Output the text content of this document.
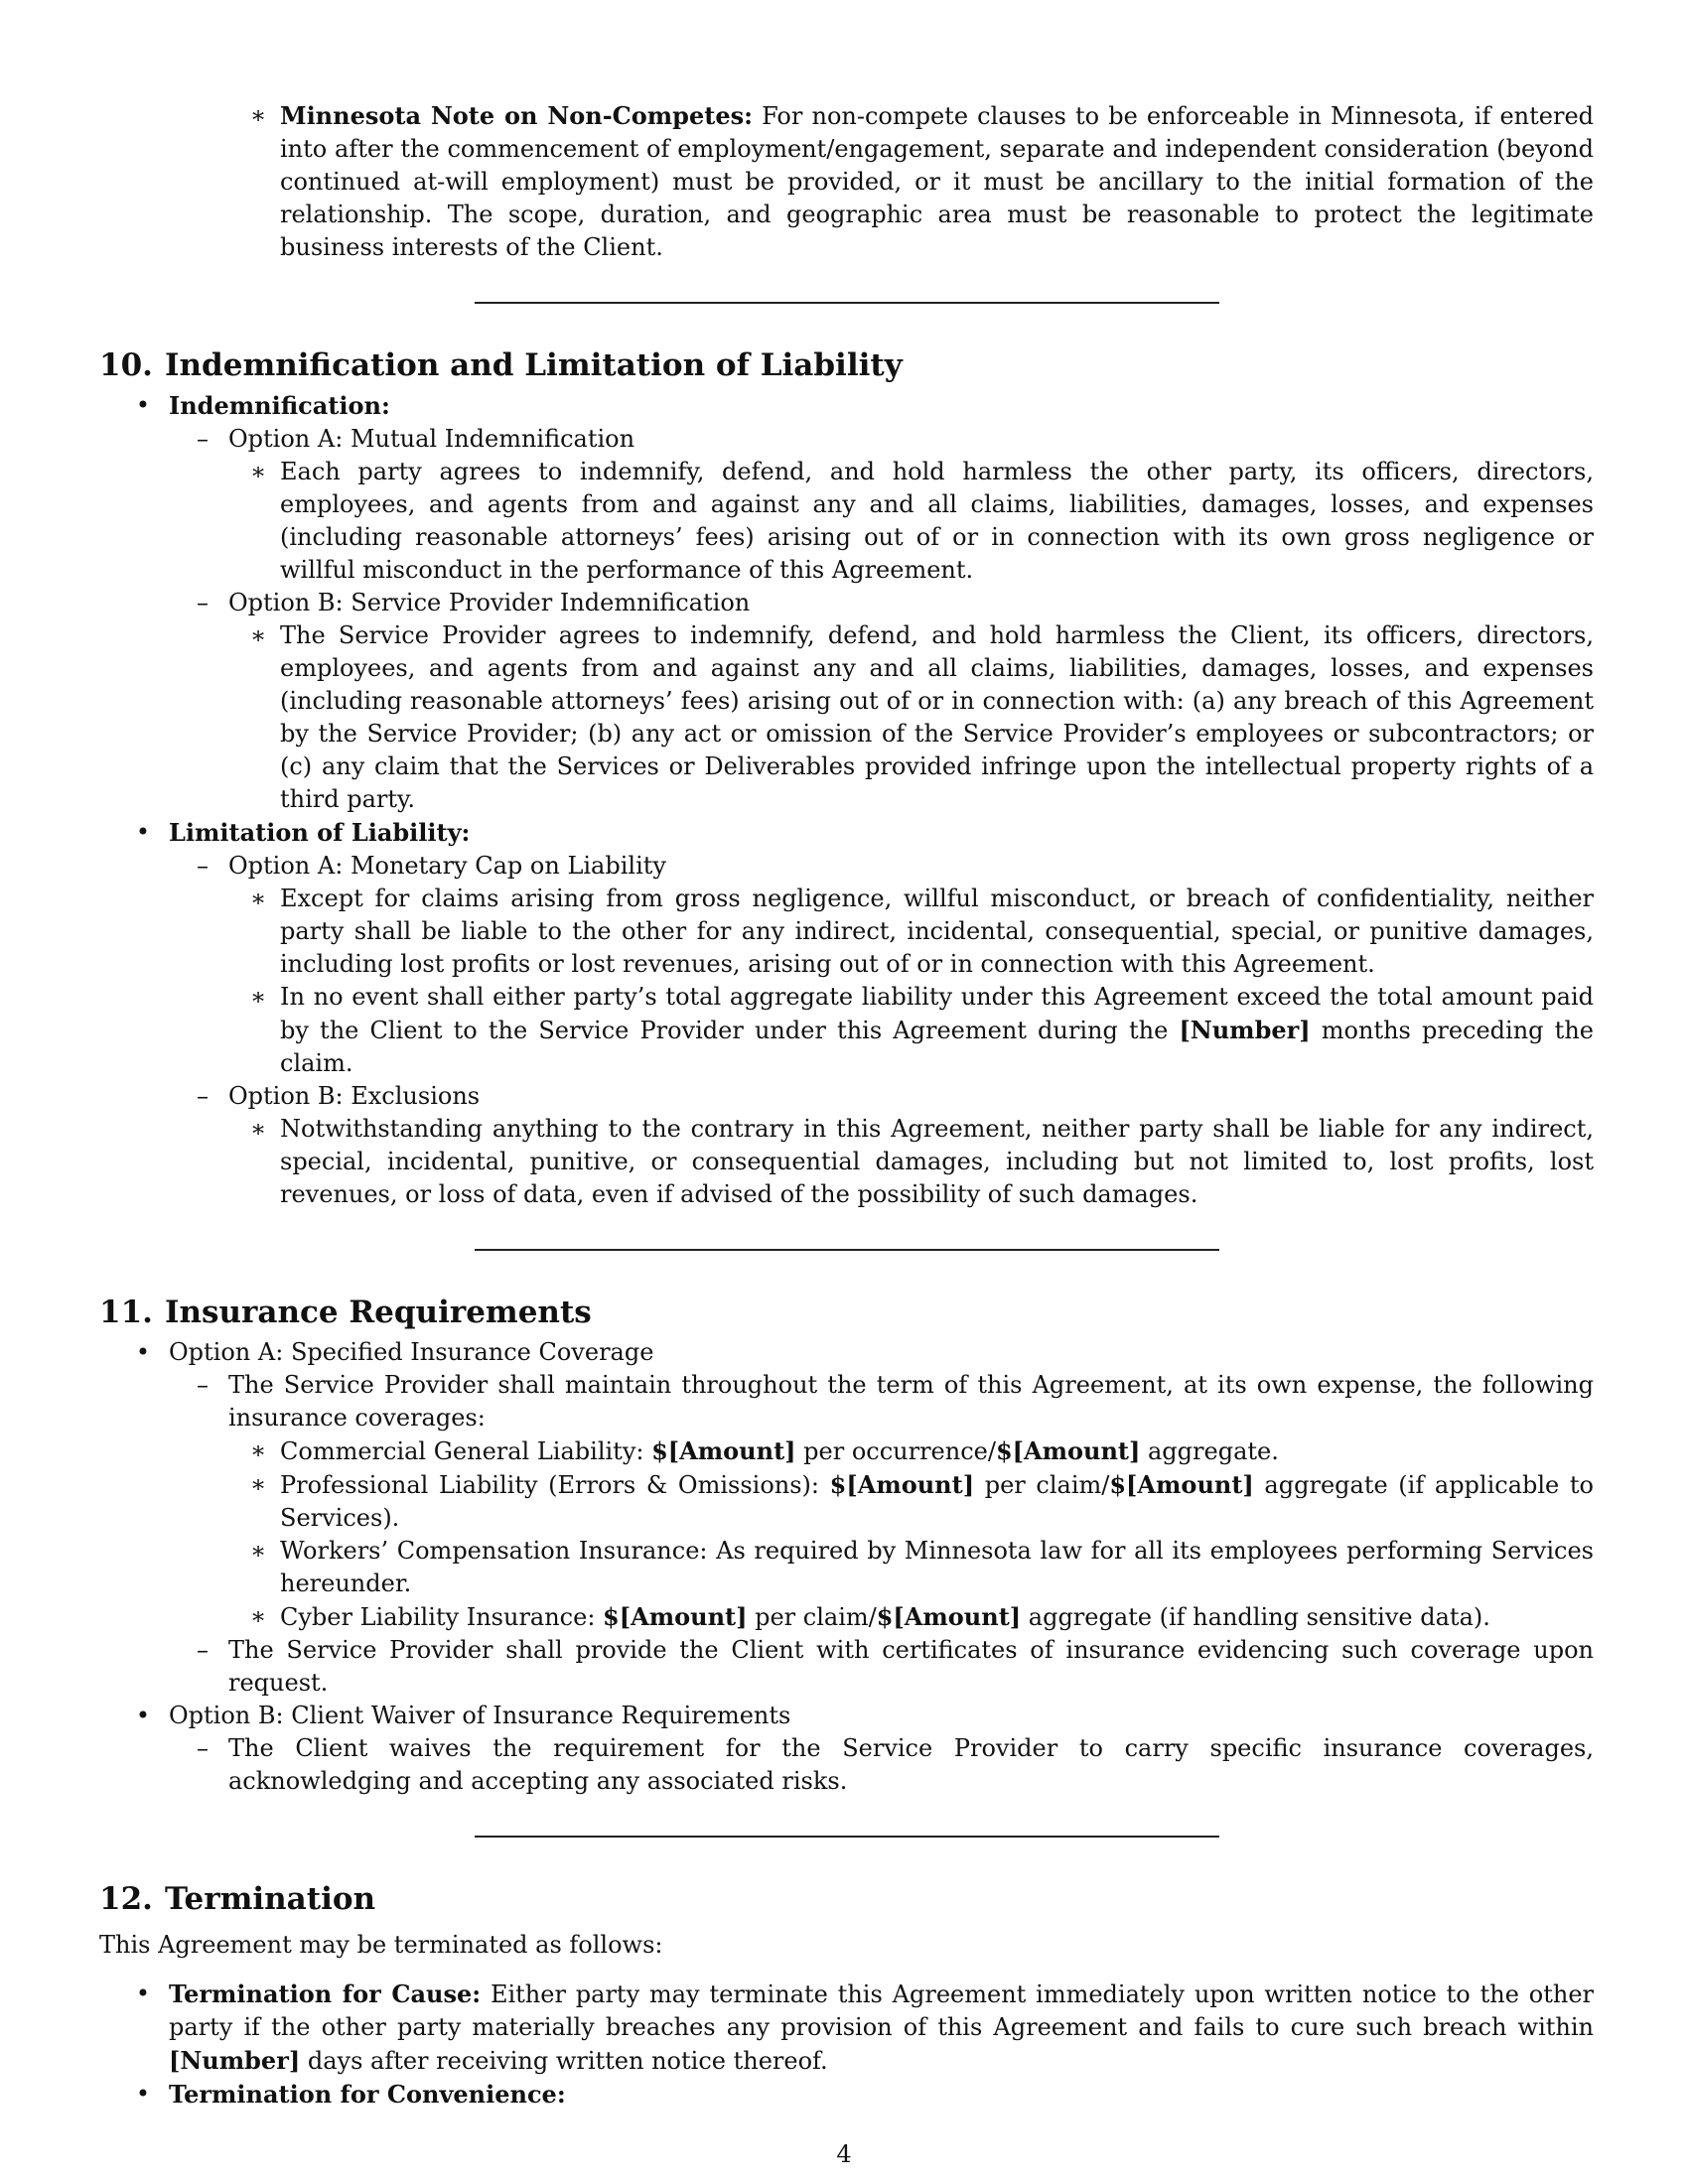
∗ Minnesota Note on Non-Competes: For non-compete clauses to be enforceable in Minnesota, if entered into after the commencement of employment/engagement, separate and independent consideration (beyond continued at-will employment) must be provided, or it must be ancillary to the initial formation of the relationship. The scope, duration, and geographic area must be reasonable to protect the legitimate business interests of the Client.
10. Indemnification and Limitation of Liability
• Indemnification:
– Option A: Mutual Indemnification
∗ Each party agrees to indemnify, defend, and hold harmless the other party, its officers, directors, employees, and agents from and against any and all claims, liabilities, damages, losses, and expenses (including reasonable attorneys’ fees) arising out of or in connection with its own gross negligence or willful misconduct in the performance of this Agreement.
– Option B: Service Provider Indemnification
∗ The Service Provider agrees to indemnify, defend, and hold harmless the Client, its officers, directors, employees, and agents from and against any and all claims, liabilities, damages, losses, and expenses (including reasonable attorneys’ fees) arising out of or in connection with: (a) any breach of this Agreement by the Service Provider; (b) any act or omission of the Service Provider’s employees or subcontractors; or (c) any claim that the Services or Deliverables provided infringe upon the intellectual property rights of a third party.
• Limitation of Liability:
– Option A: Monetary Cap on Liability
∗ Except for claims arising from gross negligence, willful misconduct, or breach of confidentiality, neither party shall be liable to the other for any indirect, incidental, consequential, special, or punitive damages, including lost profits or lost revenues, arising out of or in connection with this Agreement.
∗ In no event shall either party’s total aggregate liability under this Agreement exceed the total amount paid by the Client to the Service Provider under this Agreement during the [Number] months preceding the claim.
– Option B: Exclusions
∗ Notwithstanding anything to the contrary in this Agreement, neither party shall be liable for any indirect, special, incidental, punitive, or consequential damages, including but not limited to, lost profits, lost revenues, or loss of data, even if advised of the possibility of such damages.
11. Insurance Requirements
• Option A: Specified Insurance Coverage
– The Service Provider shall maintain throughout the term of this Agreement, at its own expense, the following insurance coverages:
∗ Commercial General Liability: $[Amount] per occurrence/$[Amount] aggregate.
∗ Professional Liability (Errors & Omissions): $[Amount] per claim/$[Amount] aggregate (if applicable to Services).
∗ Workers’ Compensation Insurance: As required by Minnesota law for all its employees performing Services hereunder.
∗ Cyber Liability Insurance: $[Amount] per claim/$[Amount] aggregate (if handling sensitive data).
– The Service Provider shall provide the Client with certificates of insurance evidencing such coverage upon request.
• Option B: Client Waiver of Insurance Requirements
– The Client waives the requirement for the Service Provider to carry specific insurance coverages, acknowledging and accepting any associated risks.
12. Termination

This Agreement may be terminated as follows:

• Termination for Cause: Either party may terminate this Agreement immediately upon written notice to the other party if the other party materially breaches any provision of this Agreement and fails to cure such breach within [Number] days after receiving written notice thereof.
• Termination for Convenience:
4
